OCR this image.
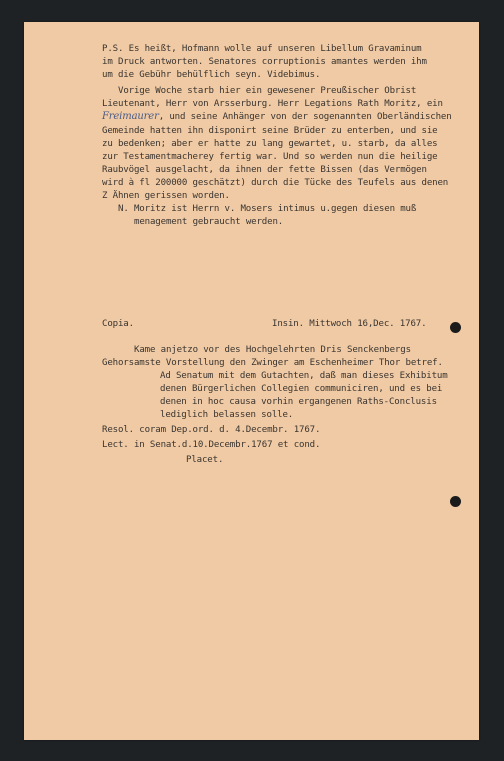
P.S. Es heißt, Hofmann wolle auf unseren Libellum Gravaminum
im Druck antworten. Senatores corruptionis amantes werden ihm
um die Gebühr behülflich seyn. Videbimus.
Vorige Woche starb hier ein gewesener Preußischer Obrist
Lieutenant, Herr von Arsserburg. Herr Legations Rath Moritz, ein
Freimaurer, und seine Anhänger von der sogenannten Oberländischen
Gemeinde hatten ihn disponirt seine Brüder zu enterben, und sie
zu bedenken; aber er hatte zu lang gewartet, u. starb, da alles
zur Testamentmacherey fertig war. Und so werden nun die heilige
Raubvögel ausgelacht, da ihnen der fette Bissen (das Vermögen
wird à fl 200000 geschätzt) durch die Tücke des Teufels aus denen
Z Ähnen gerissen worden.
N. Moritz ist Herrn v. Mosers intimus u.gegen diesen muß
menagement gebraucht werden.
Copia.	Insin. Mittwoch 16,Dec. 1767.
Kame anjetzo vor des Hochgelehrten Dris Senckenbergs
Gehorsamste Vorstellung den Zwinger am Eschenheimer Thor betref.
Ad Senatum mit dem Gutachten, daß man dieses Exhibitum
denen Bürgerlichen Collegien communiciren, und es bei
denen in hoc causa vorhin ergangenen Raths-Conclusis
lediglich belassen solle.
Resol. coram Dep.ord. d. 4.Decembr. 1767.
Lect. in Senat.d.10.Decembr.1767 et cond.
Placet.
